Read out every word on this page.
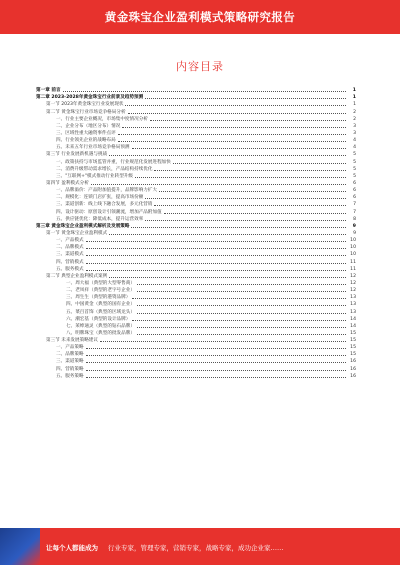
黄金珠宝企业盈利模式策略研究报告
内容目录
第一章 前言	1
第二章 2023-2028年黄金珠宝行业前景及趋势预测	1
第一节 2023年黄金珠宝行业发展现状	1
第二节 黄金珠宝行业市场竞争格局分析	2
一、行业主要企业概况，市场集中度情况分析	2
二、企业分布（地区分布）情况	3
三、区域性重大融资事件点评	3
四、行业领先企业的战略布局	4
五、未来五年行业市场竞争格局预测	4
第三节 行业发展新机遇与挑战	5
一、政策扶持与市场监管并重，行业规范化发展进程加快	5
二、消费升级带动需求增长，产品结构持续优化	5
三、"互联网+"模式推动行业转型升级	5
第四节 盈利模式分析	6
一、品牌溢价：产品附加值提升，品牌影响力扩大	6
二、规模化：连锁门店扩张，提高市场份额	6
三、渠道创新：线上线下融合发展，多元化营销	7
四、设计驱动：原创设计引领潮流，增加产品附加值	7
五、供应链优化：降低成本，提升运营效率	8
第三章 黄金珠宝企业盈利模式解析及发展策略	9
第一节 黄金珠宝企业盈利模式	9
一、产品模式	10
二、品牌模式	10
三、渠道模式	10
四、营销模式	11
五、服务模式	11
第二节 典型企业盈利模式案例	12
一、周大福（典型的大型零售商）	12
二、老凤祥（典型的老字号企业）	12
三、周生生（典型的港资品牌）	13
四、中国黄金（典型的国有企业）	13
五、菜百首饰（典型的区域龙头）	13
六、潮宏基（典型的设计品牌）	14
七、莱绅通灵（典型的钻石品牌）	14
八、明牌珠宝（典型的批发品牌）	15
第三节 未来发展策略建议	15
一、产品策略	15
二、品牌策略	15
三、渠道策略	16
四、营销策略	16
五、服务策略	16
让每个人都能成为 行业专家，管理专家，营销专家，战略专家，成功企业家……
